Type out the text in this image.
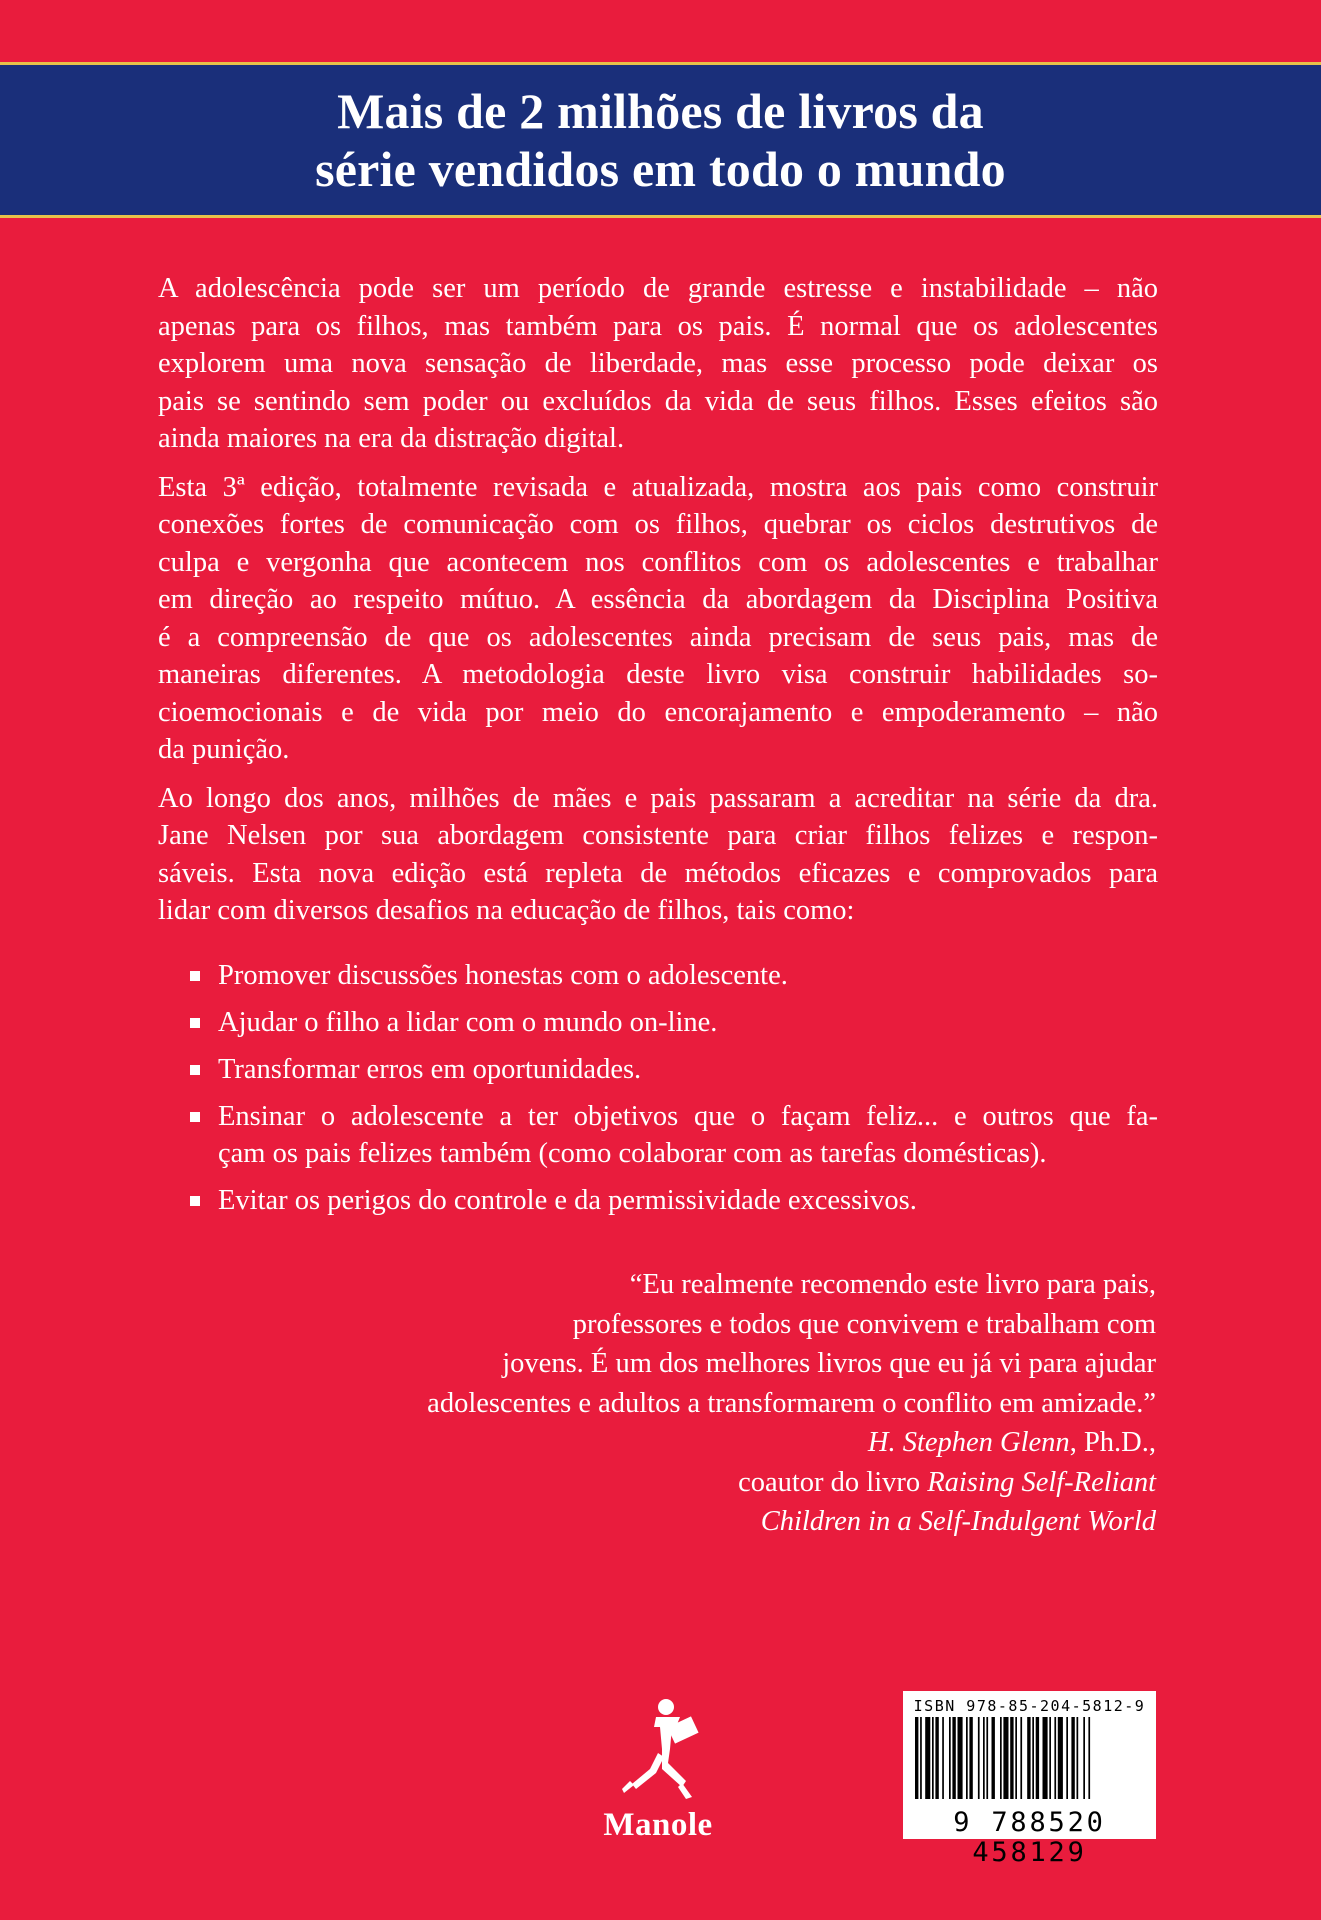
Mais de 2 milhões de livros da
série vendidos em todo o mundo

A adolescência pode ser um período de grande estresse e instabilidade – não
apenas para os filhos, mas também para os pais. É normal que os adolescentes
explorem uma nova sensação de liberdade, mas esse processo pode deixar os
pais se sentindo sem poder ou excluídos da vida de seus filhos. Esses efeitos são
ainda maiores na era da distração digital.

Esta 3ª edição, totalmente revisada e atualizada, mostra aos pais como construir
conexões fortes de comunicação com os filhos, quebrar os ciclos destrutivos de
culpa e vergonha que acontecem nos conflitos com os adolescentes e trabalhar
em direção ao respeito mútuo. A essência da abordagem da Disciplina Positiva
é a compreensão de que os adolescentes ainda precisam de seus pais, mas de
maneiras diferentes. A metodologia deste livro visa construir habilidades so-
cioemocionais e de vida por meio do encorajamento e empoderamento – não
da punição.

Ao longo dos anos, milhões de mães e pais passaram a acreditar na série da dra.
Jane Nelsen por sua abordagem consistente para criar filhos felizes e respon-
sáveis. Esta nova edição está repleta de métodos eficazes e comprovados para
lidar com diversos desafios na educação de filhos, tais como:

Promover discussões honestas com o adolescente.
Ajudar o filho a lidar com o mundo on-line.
Transformar erros em oportunidades.
Ensinar o adolescente a ter objetivos que o façam feliz... e outros que fa-
çam os pais felizes também (como colaborar com as tarefas domésticas).
Evitar os perigos do controle e da permissividade excessivos.
“Eu realmente recomendo este livro para pais,
professores e todos que convivem e trabalham com
jovens. É um dos melhores livros que eu já vi para ajudar
adolescentes e adultos a transformarem o conflito em amizade.”
H. Stephen Glenn, Ph.D.,
coautor do livro Raising Self-Reliant
Children in a Self-Indulgent World
Manole
ISBN 978-85-204-5812-9
9 788520 458129
